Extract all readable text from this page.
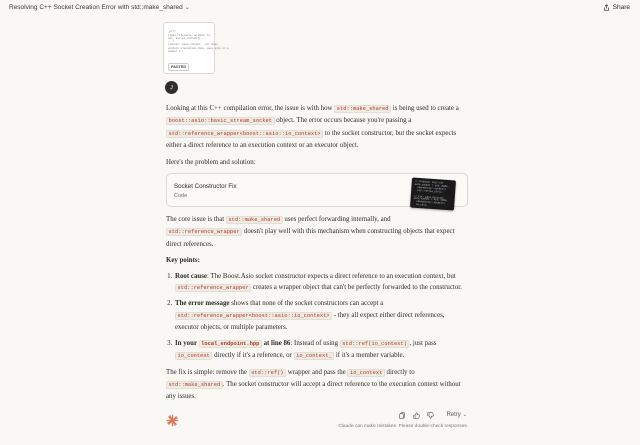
Resolving C++ Socket Creation Error with std::make_shared ⌄	Share
...
_ptr>
([&io_reference, wrapper to
unt, ass,io_context]{...
...>
(socket, base::object_ _ptr-base
context.invocation-time, pass size.in a
number 4 )
PASTED
J

Looking at this C++ compilation error, the issue is with how std::make_shared is being used to create a boost::asio::basic_stream_socket object. The error occurs because you're passing a std::reference_wrapper<boost::asio::io_context> to the socket constructor, but the socket expects either a direct reference to an execution context or an executor object.

Here's the problem and solution:

Socket Constructor Fix
Code
// Problem: std::ref
auto socket = std::make_
shared<tcp::socket>(
std::ref(io_ctx));

// Fix: pass directly
auto socket = std::make_
shared<tcp::socket>(
io_ctx);

The core issue is that std::make_shared uses perfect forwarding internally, and std::reference_wrapper doesn't play well with this mechanism when constructing objects that expect direct references.

Key points:
1. Root cause: The Boost.Asio socket constructor expects a direct reference to an execution context, but std::reference_wrapper creates a wrapper object that can't be perfectly forwarded to the constructor.
2. The error message shows that none of the socket constructors can accept a std::reference_wrapper<boost::asio::io_context> - they all expect either direct references, executor objects, or multiple parameters.
3. In your local_endpoint.hpp at line 86: Instead of using std::ref(io_context) , just pass io_context directly if it's a reference, or io_context_ if it's a member variable.

The fix is simple: remove the std::ref() wrapper and pass the io_context directly to std::make_shared . The socket constructor will accept a direct reference to the execution context without any issues.

Retry ⌄
Claude can make mistakes. Please double-check responses.
